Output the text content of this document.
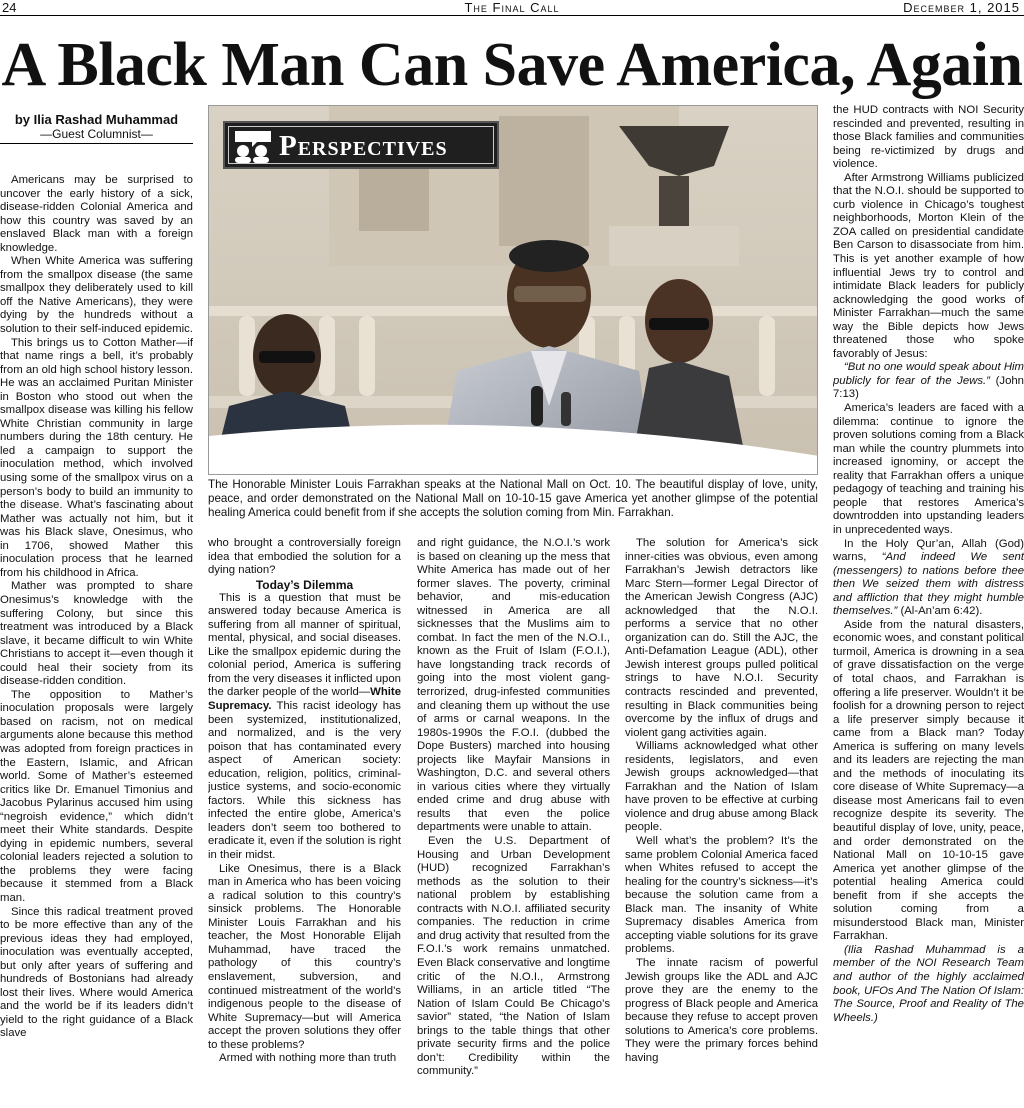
24	The Final Call	December 1, 2015
A Black Man Can Save America, Again
by Ilia Rashad Muhammad
—Guest Columnist—

Americans may be surprised to uncover the early history of a sick, disease-ridden Colonial America and how this country was saved by an enslaved Black man with a foreign knowledge.

When White America was suffering from the smallpox disease (the same smallpox they deliberately used to kill off the Native Americans), they were dying by the hundreds without a solution to their self-induced epidemic.

This brings us to Cotton Mather—if that name rings a bell, it’s probably from an old high school history lesson. He was an acclaimed Puritan Minister in Boston who stood out when the smallpox disease was killing his fellow White Christian community in large numbers during the 18th century. He led a campaign to support the inoculation method, which involved using some of the smallpox virus on a person’s body to build an immunity to the disease. What’s fascinating about Mather was actually not him, but it was his Black slave, Onesimus, who in 1706, showed Mather this inoculation process that he learned from his childhood in Africa.

Mather was prompted to share Onesimus’s knowledge with the suffering Colony, but since this treatment was introduced by a Black slave, it became difficult to win White Christians to accept it—even though it could heal their society from its disease-ridden condition.

The opposition to Mather’s inoculation proposals were largely based on racism, not on medical arguments alone because this method was adopted from foreign practices in the Eastern, Islamic, and African world. Some of Mather’s esteemed critics like Dr. Emanuel Timonius and Jacobus Pylarinus accused him using “negroish evidence,” which didn’t meet their White standards. Despite dying in epidemic numbers, several colonial leaders rejected a solution to the problems they were facing because it stemmed from a Black man.

Since this radical treatment proved to be more effective than any of the previous ideas they had employed, inoculation was eventually accepted, but only after years of suffering and hundreds of Bostonians had already lost their lives. Where would America and the world be if its leaders didn’t yield to the right guidance of a Black slave

Perspectives
The Honorable Minister Louis Farrakhan speaks at the National Mall on Oct. 10. The beautiful display of love, unity, peace, and order demonstrated on the National Mall on 10-10-15 gave America yet another glimpse of the potential healing America could benefit from if she accepts the solution coming from Min. Farrakhan.

who brought a controversially foreign idea that embodied the solution for a dying nation?

Today’s Dilemma

This is a question that must be answered today because America is suffering from all manner of spiritual, mental, physical, and social diseases. Like the smallpox epidemic during the colonial period, America is suffering from the very diseases it inflicted upon the darker people of the world—White Supremacy. This racist ideology has been systemized, institutionalized, and normalized, and is the very poison that has contaminated every aspect of American society: education, religion, politics, criminal-justice systems, and socio-economic factors. While this sickness has infected the entire globe, America’s leaders don’t seem too bothered to eradicate it, even if the solution is right in their midst.

Like Onesimus, there is a Black man in America who has been voicing a radical solution to this country’s sinsick problems. The Honorable Minister Louis Farrakhan and his teacher, the Most Honorable Elijah Muhammad, have traced the pathology of this country’s enslavement, subversion, and continued mistreatment of the world’s indigenous people to the disease of White Supremacy—but will America accept the proven solutions they offer to these problems?

Armed with nothing more than truth

and right guidance, the N.O.I.’s work is based on cleaning up the mess that White America has made out of her former slaves. The poverty, criminal behavior, and mis-education witnessed in America are all sicknesses that the Muslims aim to combat. In fact the men of the N.O.I., known as the Fruit of Islam (F.O.I.), have longstanding track records of going into the most violent gang-terrorized, drug-infested communities and cleaning them up without the use of arms or carnal weapons. In the 1980s-1990s the F.O.I. (dubbed the Dope Busters) marched into housing projects like Mayfair Mansions in Washington, D.C. and several others in various cities where they virtually ended crime and drug abuse with results that even the police departments were unable to attain.

Even the U.S. Department of Housing and Urban Development (HUD) recognized Farrakhan’s methods as the solution to their national problem by establishing contracts with N.O.I. affiliated security companies. The reduction in crime and drug activity that resulted from the F.O.I.’s work remains unmatched. Even Black conservative and longtime critic of the N.O.I., Armstrong Williams, in an article titled “The Nation of Islam Could Be Chicago’s savior” stated, “the Nation of Islam brings to the table things that other private security firms and the police don’t: Credibility within the community.”

The solution for America’s sick inner-cities was obvious, even among Farrakhan’s Jewish detractors like Marc Stern—former Legal Director of the American Jewish Congress (AJC) acknowledged that the N.O.I. performs a service that no other organization can do. Still the AJC, the Anti-Defamation League (ADL), other Jewish interest groups pulled political strings to have N.O.I. Security contracts rescinded and prevented, resulting in Black communities being overcome by the influx of drugs and violent gang activities again.

Williams acknowledged what other residents, legislators, and even Jewish groups acknowledged—that Farrakhan and the Nation of Islam have proven to be effective at curbing violence and drug abuse among Black people.

Well what’s the problem? It’s the same problem Colonial America faced when Whites refused to accept the healing for the country’s sickness—it’s because the solution came from a Black man. The insanity of White Supremacy disables America from accepting viable solutions for its grave problems.

The innate racism of powerful Jewish groups like the ADL and AJC prove they are the enemy to the progress of Black people and America because they refuse to accept proven solutions to America’s core problems. They were the primary forces behind having

the HUD contracts with NOI Security rescinded and prevented, resulting in those Black families and communities being re-victimized by drugs and violence.

After Armstrong Williams publicized that the N.O.I. should be supported to curb violence in Chicago’s toughest neighborhoods, Morton Klein of the ZOA called on presidential candidate Ben Carson to disassociate from him. This is yet another example of how influential Jews try to control and intimidate Black leaders for publicly acknowledging the good works of Minister Farrakhan—much the same way the Bible depicts how Jews threatened those who spoke favorably of Jesus:

“But no one would speak about Him publicly for fear of the Jews.” (John 7:13)

America’s leaders are faced with a dilemma: continue to ignore the proven solutions coming from a Black man while the country plummets into increased ignominy, or accept the reality that Farrakhan offers a unique pedagogy of teaching and training his people that restores America’s downtrodden into upstanding leaders in unprecedented ways.

In the Holy Qur’an, Allah (God) warns, “And indeed We sent (messengers) to nations before thee then We seized them with distress and affliction that they might humble themselves.” (Al-An’am 6:42).

Aside from the natural disasters, economic woes, and constant political turmoil, America is drowning in a sea of grave dissatisfaction on the verge of total chaos, and Farrakhan is offering a life preserver. Wouldn’t it be foolish for a drowning person to reject a life preserver simply because it came from a Black man? Today America is suffering on many levels and its leaders are rejecting the man and the methods of inoculating its core disease of White Supremacy—a disease most Americans fail to even recognize despite its severity. The beautiful display of love, unity, peace, and order demonstrated on the National Mall on 10-10-15 gave America yet another glimpse of the potential healing America could benefit from if she accepts the solution coming from a misunderstood Black man, Minister Farrakhan.

(Ilia Rashad Muhammad is a member of the NOI Research Team and author of the highly acclaimed book, UFOs And The Nation Of Islam: The Source, Proof and Reality of The Wheels.)
